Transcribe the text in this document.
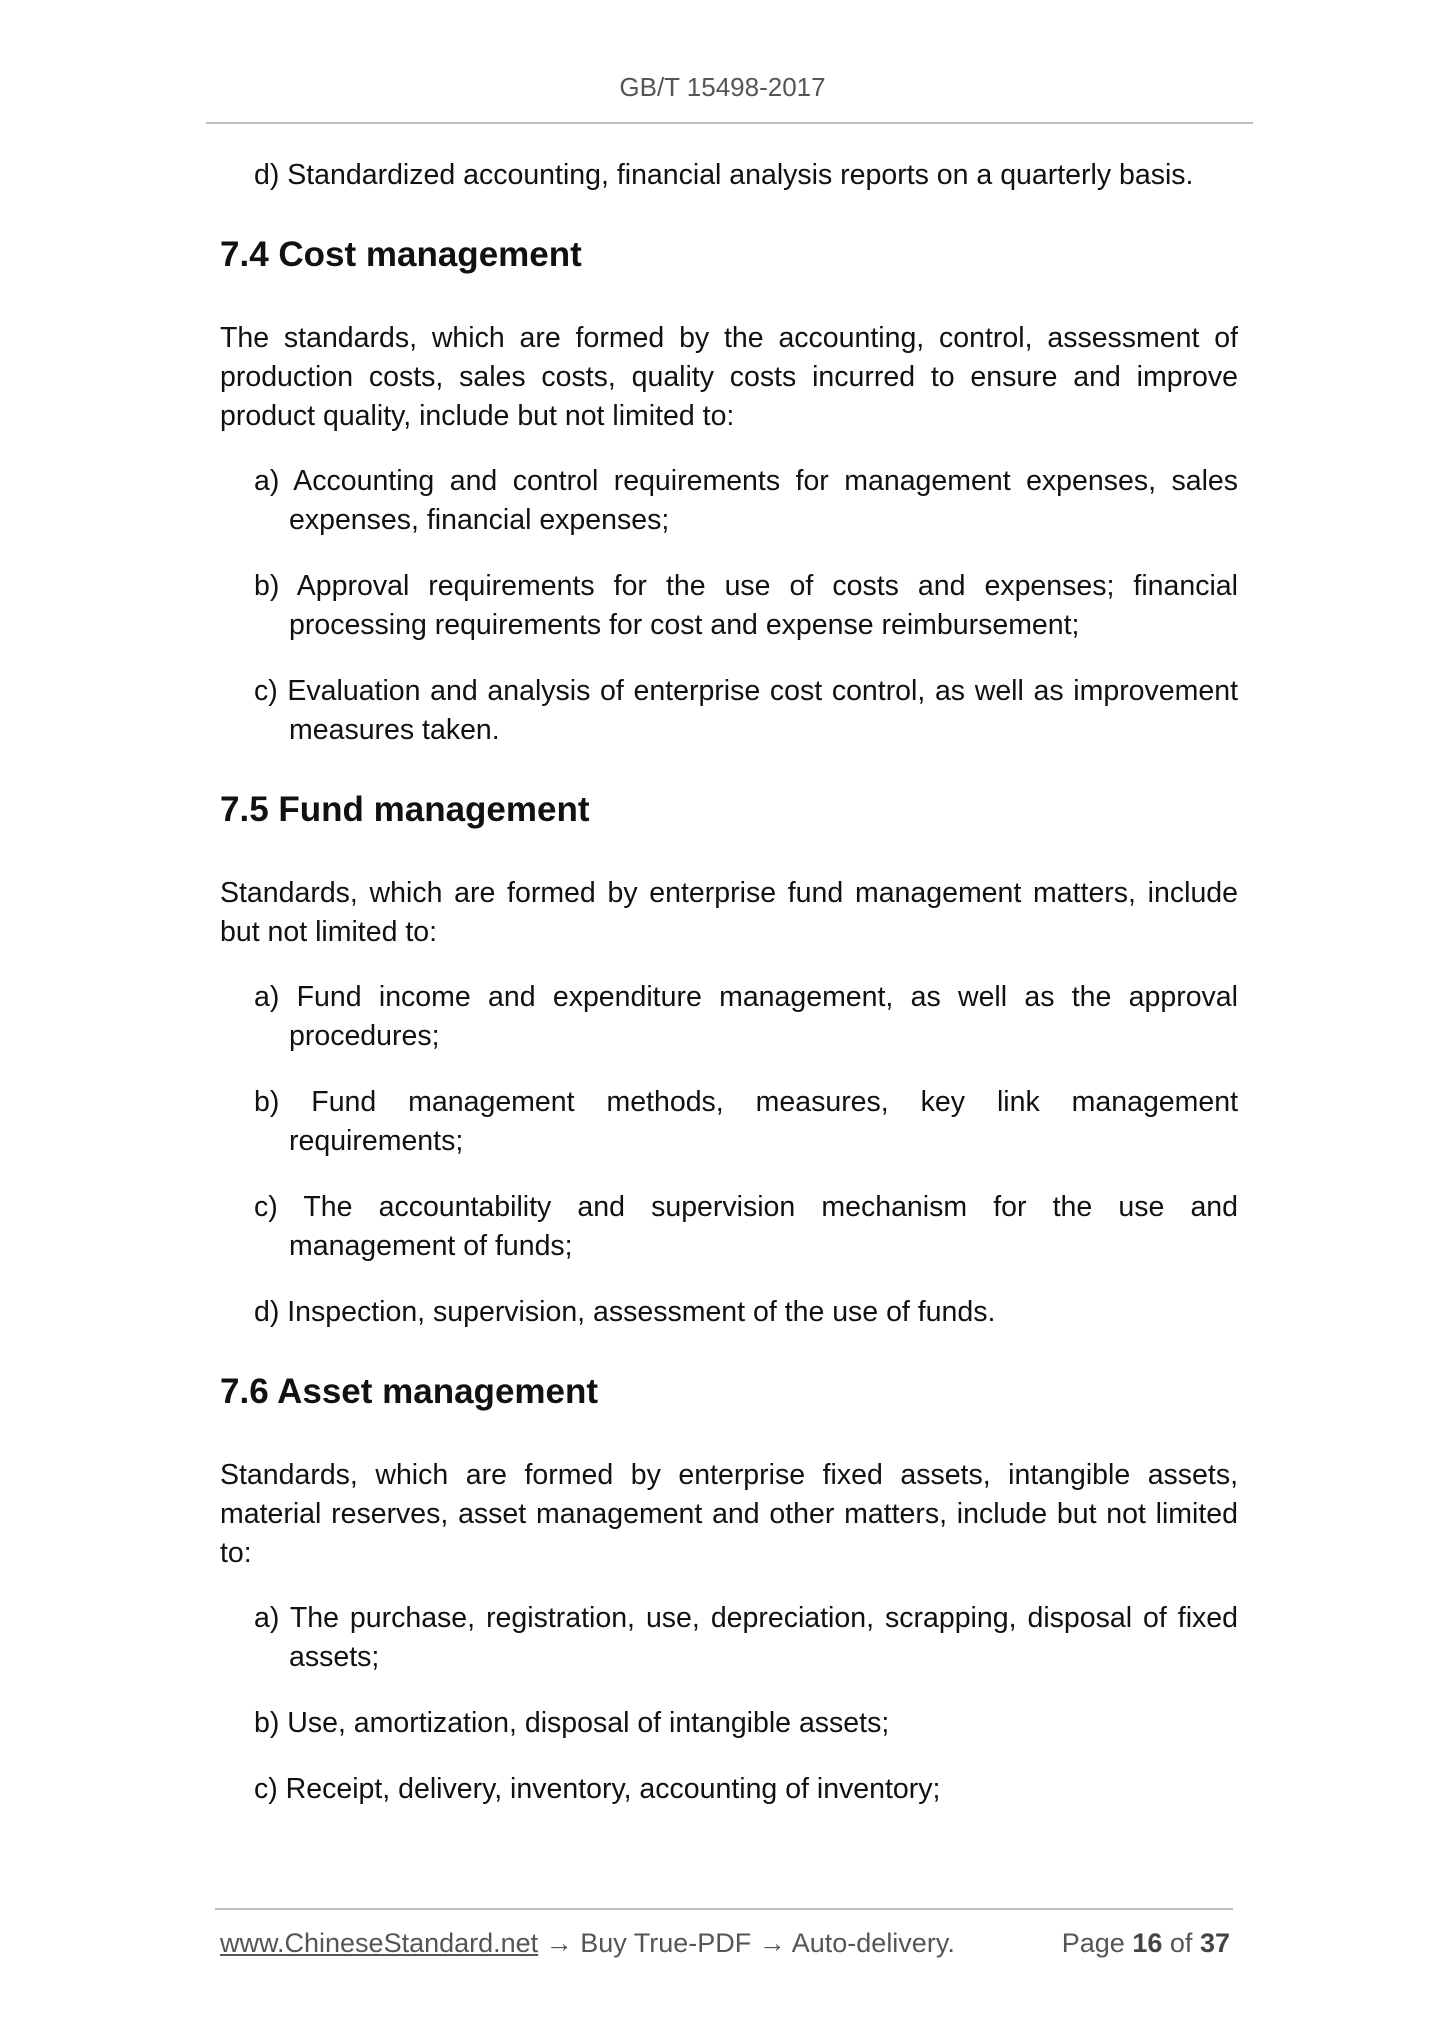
GB/T 15498-2017
d) Standardized accounting, financial analysis reports on a quarterly basis.
7.4 Cost management
The standards, which are formed by the accounting, control, assessment of production costs, sales costs, quality costs incurred to ensure and improve product quality, include but not limited to:
a) Accounting and control requirements for management expenses, sales expenses, financial expenses;
b) Approval requirements for the use of costs and expenses; financial processing requirements for cost and expense reimbursement;
c) Evaluation and analysis of enterprise cost control, as well as improvement measures taken.
7.5 Fund management
Standards, which are formed by enterprise fund management matters, include but not limited to:
a) Fund income and expenditure management, as well as the approval procedures;
b) Fund management methods, measures, key link management requirements;
c) The accountability and supervision mechanism for the use and management of funds;
d) Inspection, supervision, assessment of the use of funds.
7.6 Asset management
Standards, which are formed by enterprise fixed assets, intangible assets, material reserves, asset management and other matters, include but not limited to:
a) The purchase, registration, use, depreciation, scrapping, disposal of fixed assets;
b) Use, amortization, disposal of intangible assets;
c) Receipt, delivery, inventory, accounting of inventory;
www.ChineseStandard.net → Buy True-PDF → Auto-delivery.	Page 16 of 37
